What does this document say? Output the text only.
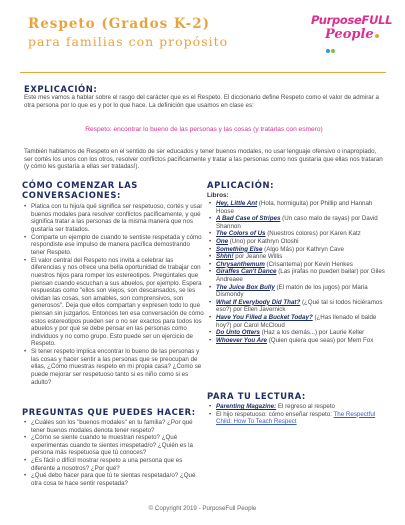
Respeto (Grados K-2)
para familias con propósito
PurposeFULL
People
EXPLICACIÓN:

Este mes vamos a hablar sobre el rasgo del carácter que es el Respeto. El diccionario define Respeto como el valor de admirar a otra persona por lo que es y por lo que hace. La definición que usamos en clase es:

Respeto: encontrar lo bueno de las personas y las cosas (y tratarlas con esmero)

También hablamos de Respeto en el sentido de ser educados y tener buenos modales, no usar lenguaje ofensivo o inapropiado, ser cortés los unos con los otros, resolver conflictos pacíficamente y tratar a las personas como nos gustaría que ellas nos trataran (y cómo les gustaría a ellas ser tratadas!).

CÓMO COMENZAR LAS CONVERSACIONES:
• Platica con tu hijo/a qué significa ser respetuoso, cortés y usar buenos modales para resolver conflictos pacíficamente, y qué significa tratar a las personas de la misma manera que nos gustaría ser tratados.
• Comparte un ejemplo de cuando te sentiste respetada y cómo respondiste ese impulso de manera pacífica demostrando tener Respeto.
• El valor central del Respeto nos invita a celebrar las diferencias y nos ofrece una bella oportunidad de trabajar con nuestros hijos para romper los estereotipos. Pregúntales que piensan cuando escuchan a sus abuelos, por ejemplo. Espera respuestas como "ellos son viejos, son descansados, se les olvidan las cosas, son amables, son comprensivos, son generosos". Deja que ellos compartan y expresen todo lo que piensan sin juzgarlos. Entonces ten esa conversación de cómo estos estereotipos pueden ser o no ser exactos para todos los abuelos y por qué se debe pensar en las personas como individuos y no como grupo. Esto puede ser un ejercicio de Respeto.
• Si tener respeto implica encontrar lo bueno de las personas y las cosas y hacer sentir a las personas que se preocupan de ellas, ¿Cómo muestras respeto en mi propia casa? ¿Como se puede mejorar ser respetuoso tanto si es niño como si es adulto?
PREGUNTAS QUE PUEDES HACER:
• ¿Cuáles son los "buenos modales" en tu familia? ¿Por qué tener buenos modales denota tener respeto?
• ¿Cómo se siente cuando te muestran respeto? ¿Qué experimentas cuando te sientes irrespetad/o? ¿Quién es la persona más respetuosa que tú conoces?
• ¿Es fácil o difícil mostrar respeto a una persona que es diferente a nosotros? ¿Por qué?
• ¿Qué debo hacer para que tú te sientas respetada/o? ¿Qué otra cosa te hace sentir respetada?
APLICACIÓN:
Libros:
• Hey, Little Ant (Hola, hormiguita) por Phillip and Hannah Hoose
• A Bad Case of Stripes (Un caso malo de rayas) por David Shannon
• The Colors of Us (Nuestros colores) por Karen Katz
• One (Uno) por Kathryn Otoshi
• Something Else (Algo Más) por Kathryn Cave
• Shhh! por Jeanne Willis
• Chrysanthemum (Crisantema) por Kevin Henkes
• Giraffes Can't Dance (Las jirafas no pueden bailar) por Giles Andreaee
• The Juice Box Bully (El matón de los jugos) por Maria Dismondy
• What If Everybody Did That? (¿Qué tal si todos hiciéramos eso?) por Ellen Javernick
• Have You Filled a Bucket Today? (¿Has llenado el balde hoy?) por Carol McCloud
• Do Unto Otters (Haz a los demás...) por Laurie Keller
• Whoever You Are (Quien quiera que seas) por Mem Fox
PARA TU LECTURA:
• Parenting Magazine: El regreso al respeto
• El hijo respetuoso: cómo enseñar respeto: The Respectful Child: How To Teach Respect
© Copyright 2019 - PurposeFull People
